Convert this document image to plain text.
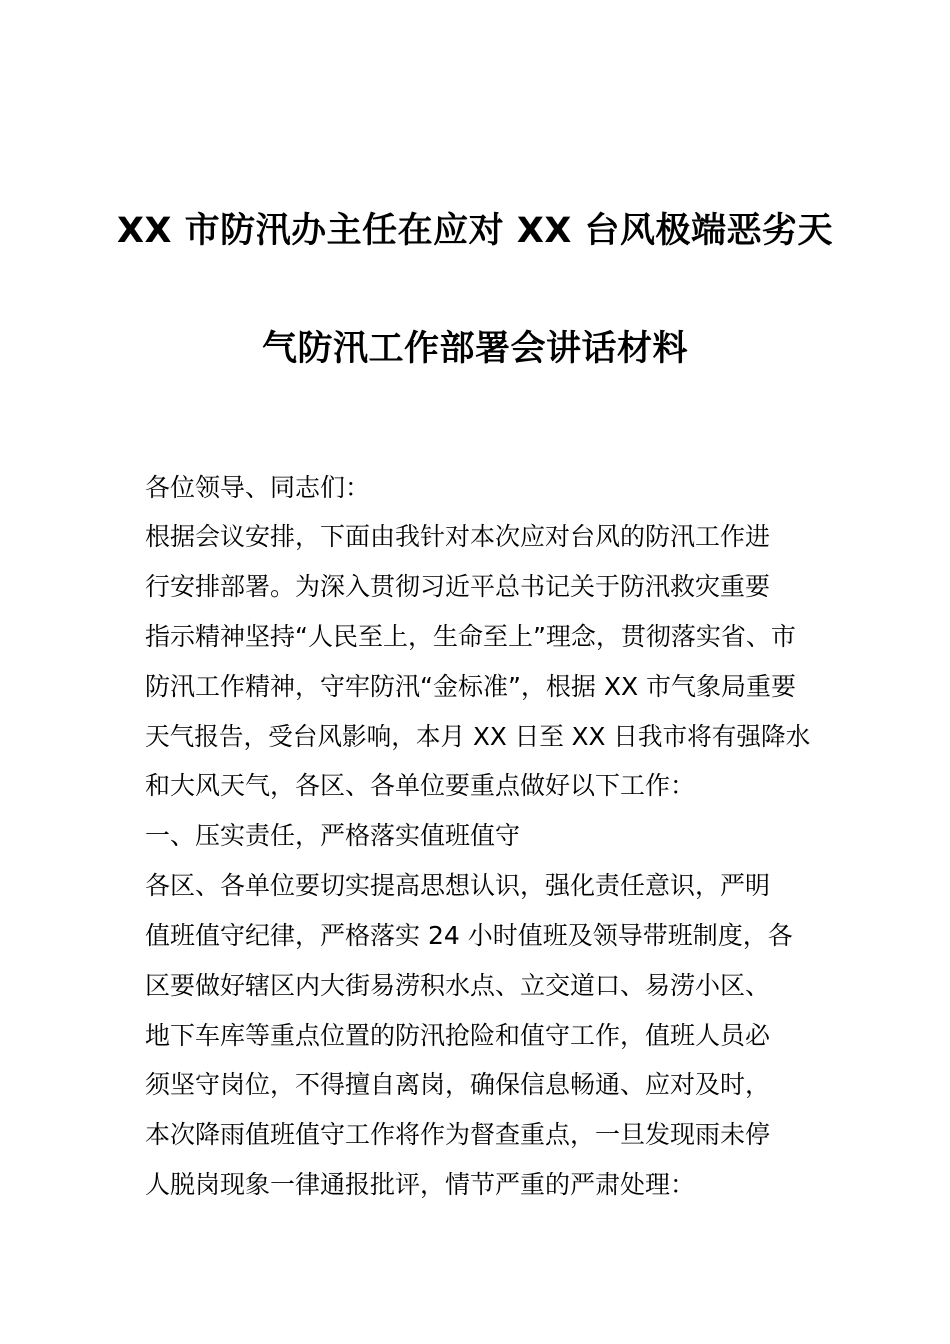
XX 市防汛办主任在应对 XX 台风极端恶劣天
气防汛工作部署会讲话材料
各位领导、同志们：
根据会议安排，下面由我针对本次应对台风的防汛工作进
行安排部署。为深入贯彻习近平总书记关于防汛救灾重要
指示精神坚持“人民至上，生命至上”理念，贯彻落实省、市
防汛工作精神，守牢防汛“金标准”，根据 XX 市气象局重要
天气报告，受台风影响，本月 XX 日至 XX 日我市将有强降水
和大风天气，各区、各单位要重点做好以下工作：
一、压实责任，严格落实值班值守
各区、各单位要切实提高思想认识，强化责任意识，严明
值班值守纪律，严格落实 24 小时值班及领导带班制度，各
区要做好辖区内大街易涝积水点、立交道口、易涝小区、
地下车库等重点位置的防汛抢险和值守工作，值班人员必
须坚守岗位，不得擅自离岗，确保信息畅通、应对及时，
本次降雨值班值守工作将作为督查重点，一旦发现雨未停
人脱岗现象一律通报批评，情节严重的严肃处理：
